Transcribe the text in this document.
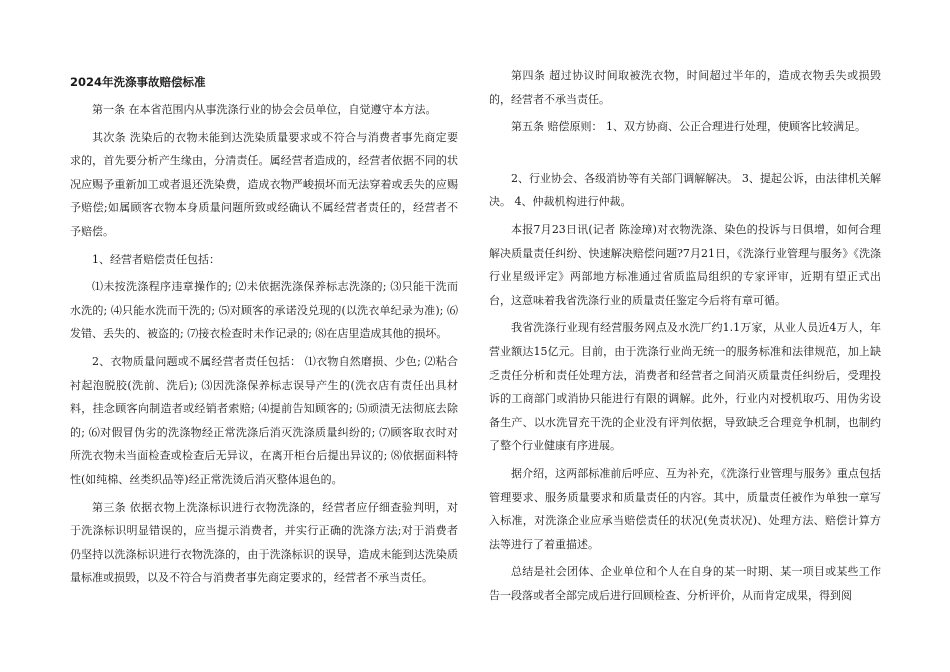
2024年洗涤事故赔偿标准

第一条 在本省范围内从事洗涤行业的协会会员单位，自觉遵守本方法。

其次条 洗染后的衣物未能到达洗染质量要求或不符合与消费者事先商定要求的，首先要分析产生缘由，分清责任。属经营者造成的，经营者依据不同的状况应赐予重新加工或者退还洗染费，造成衣物严峻损坏而无法穿着或丢失的应赐予赔偿;如属顾客衣物本身质量问题所致或经确认不属经营者责任的，经营者不予赔偿。

1、经营者赔偿责任包括：

⑴未按洗涤程序违章操作的; ⑵未依据洗涤保养标志洗涤的; ⑶只能干洗而水洗的; ⑷只能水洗而干洗的; ⑸对顾客的承诺没兑现的(以洗衣单纪录为准); ⑹发错、丢失的、被盗的; ⑺接衣检查时未作记录的; ⑻在店里造成其他的损坏。

2、衣物质量问题或不属经营者责任包括： ⑴衣物自然磨损、少色; ⑵粘合衬起泡脱胶(洗前、洗后); ⑶因洗涤保养标志误导产生的(洗衣店有责任出具材料，挂念顾客向制造者或经销者索赔; ⑷提前告知顾客的; ⑸顽渍无法彻底去除的; ⑹对假冒伪劣的洗涤物经正常洗涤后消灭洗涤质量纠纷的; ⑺顾客取衣时对所洗衣物未当面检查或检查后无异议，在离开柜台后提出异议的; ⑻依据面料特性(如纯棉、丝类织品等)经正常洗烫后消灭整体退色的。

第三条 依据衣物上洗涤标识进行衣物洗涤的，经营者应仔细查验判明，对于洗涤标识明显错误的，应当提示消费者，并实行正确的洗涤方法;对于消费者仍坚持以洗涤标识进行衣物洗涤的，由于洗涤标识的误导，造成未能到达洗染质量标准或损毁，以及不符合与消费者事先商定要求的，经营者不承当责任。

第四条 超过协议时间取被洗衣物，时间超过半年的，造成衣物丢失或损毁的，经营者不承当责任。

第五条 赔偿原则： 1、双方协商、公正合理进行处理，使顾客比较满足。

2、行业协会、各级消协等有关部门调解解决。 3、提起公诉，由法律机关解决。 4、仲裁机构进行仲裁。

本报7月23日讯(记者 陈淦璋)对衣物洗涤、染色的投诉与日俱增，如何合理解决质量责任纠纷、快速解决赔偿问题?7月21日，《洗涤行业管理与服务》《洗涤行业星级评定》两部地方标准通过省质监局组织的专家评审，近期有望正式出台，这意味着我省洗涤行业的质量责任鉴定今后将有章可循。

我省洗涤行业现有经营服务网点及水洗厂约1.1万家，从业人员近4万人，年营业额达15亿元。目前，由于洗涤行业尚无统一的服务标准和法律规范，加上缺乏责任分析和责任处理方法，消费者和经营者之间消灭质量责任纠纷后，受理投诉的工商部门或消协只能进行有限的调解。此外，行业内对授机取巧、用伪劣设备生产、以水洗冒充干洗的企业没有评判依据，导致缺乏合理竞争机制，也制约了整个行业健康有序进展。

据介绍，这两部标准前后呼应、互为补充，《洗涤行业管理与服务》重点包括管理要求、服务质量要求和质量责任的内容。其中，质量责任被作为单独一章写入标准，对洗涤企业应承当赔偿责任的状况(免责状况)、处理方法、赔偿计算方法等进行了着重描述。

总结是社会团体、企业单位和个人在自身的某一时期、某一项目或某些工作告一段落或者全部完成后进行回顾检查、分析评价，从而肯定成果，得到阅
